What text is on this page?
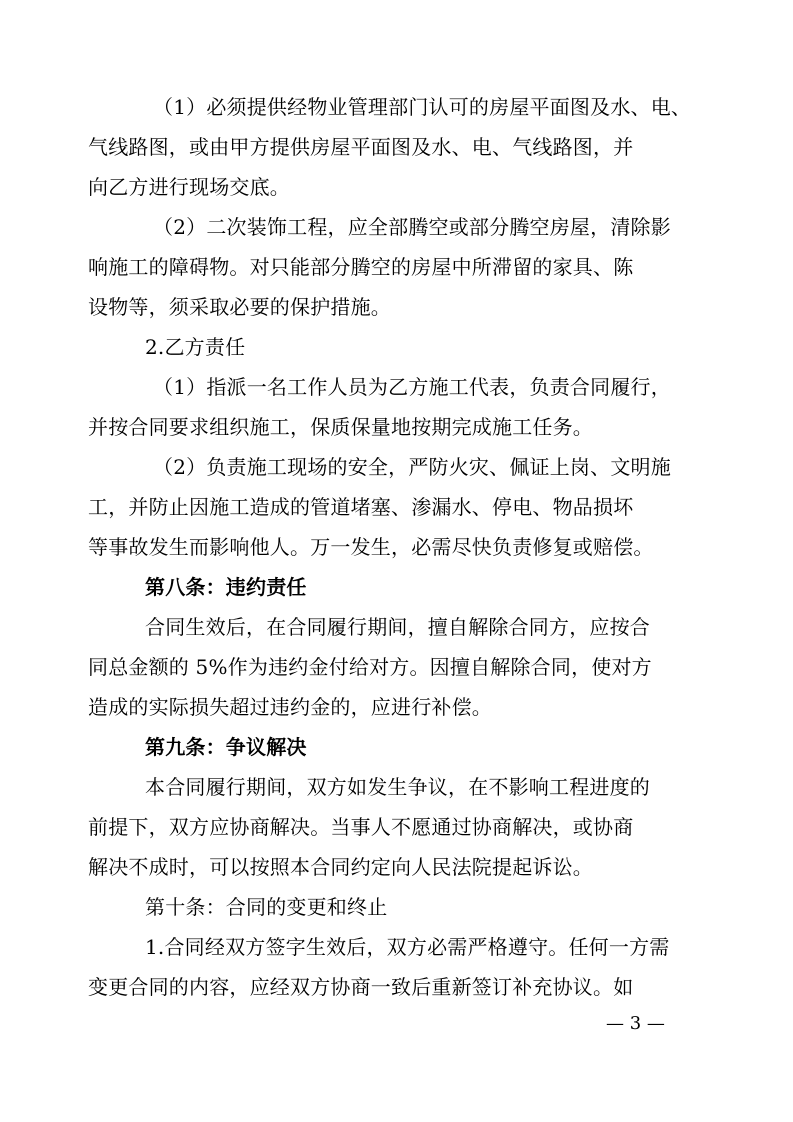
（1）必须提供经物业管理部门认可的房屋平面图及水、电、
气线路图，或由甲方提供房屋平面图及水、电、气线路图，并
向乙方进行现场交底。
（2）二次装饰工程，应全部腾空或部分腾空房屋，清除影
响施工的障碍物。对只能部分腾空的房屋中所滞留的家具、陈
设物等，须采取必要的保护措施。
2.乙方责任
（1）指派一名工作人员为乙方施工代表，负责合同履行，
并按合同要求组织施工，保质保量地按期完成施工任务。
（2）负责施工现场的安全，严防火灾、佩证上岗、文明施
工，并防止因施工造成的管道堵塞、渗漏水、停电、物品损坏
等事故发生而影响他人。万一发生，必需尽快负责修复或赔偿。
第八条：违约责任
合同生效后，在合同履行期间，擅自解除合同方，应按合
同总金额的 5%作为违约金付给对方。因擅自解除合同，使对方
造成的实际损失超过违约金的，应进行补偿。
第九条：争议解决
本合同履行期间，双方如发生争议，在不影响工程进度的
前提下，双方应协商解决。当事人不愿通过协商解决，或协商
解决不成时，可以按照本合同约定向人民法院提起诉讼。
第十条：合同的变更和终止
1.合同经双方签字生效后，双方必需严格遵守。任何一方需
变更合同的内容，应经双方协商一致后重新签订补充协议。如
— 3 —
